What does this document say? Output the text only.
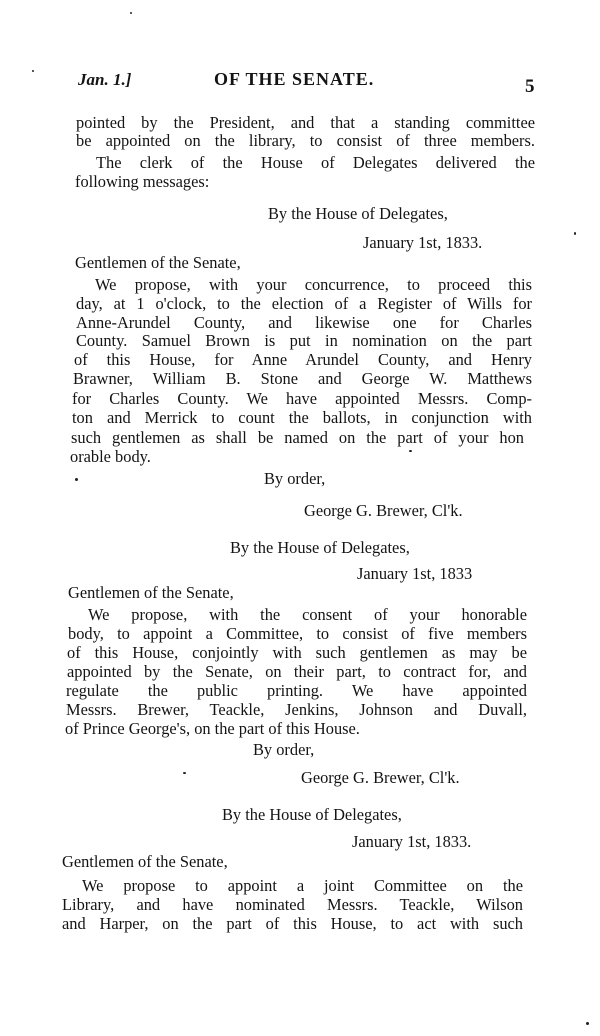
Jan. 1.]	OF THE SENATE.	5
pointed by the President, and that a standing committee
be appointed on the library, to consist of three members.
The clerk of the House of Delegates delivered the
following messages:
By the House of Delegates,
January 1st, 1833.
Gentlemen of the Senate,
We propose, with your concurrence, to proceed this
day, at 1 o'clock, to the election of a Register of Wills for
Anne-Arundel County, and likewise one for Charles
County. Samuel Brown is put in nomination on the part
of this House, for Anne Arundel County, and Henry
Brawner, William B. Stone and George W. Matthews
for Charles County. We have appointed Messrs. Comp-
ton and Merrick to count the ballots, in conjunction with
such gentlemen as shall be named on the part of your hon
orable body.
By order,
George G. Brewer, Cl'k.
By the House of Delegates,
January 1st, 1833
Gentlemen of the Senate,
We propose, with the consent of your honorable
body, to appoint a Committee, to consist of five members
of this House, conjointly with such gentlemen as may be
appointed by the Senate, on their part, to contract for, and
regulate the public printing. We have appointed
Messrs. Brewer, Teackle, Jenkins, Johnson and Duvall,
of Prince George's, on the part of this House.
By order,
George G. Brewer, Cl'k.
By the House of Delegates,
January 1st, 1833.
Gentlemen of the Senate,
We propose to appoint a joint Committee on the
Library, and have nominated Messrs. Teackle, Wilson
and Harper, on the part of this House, to act with such
